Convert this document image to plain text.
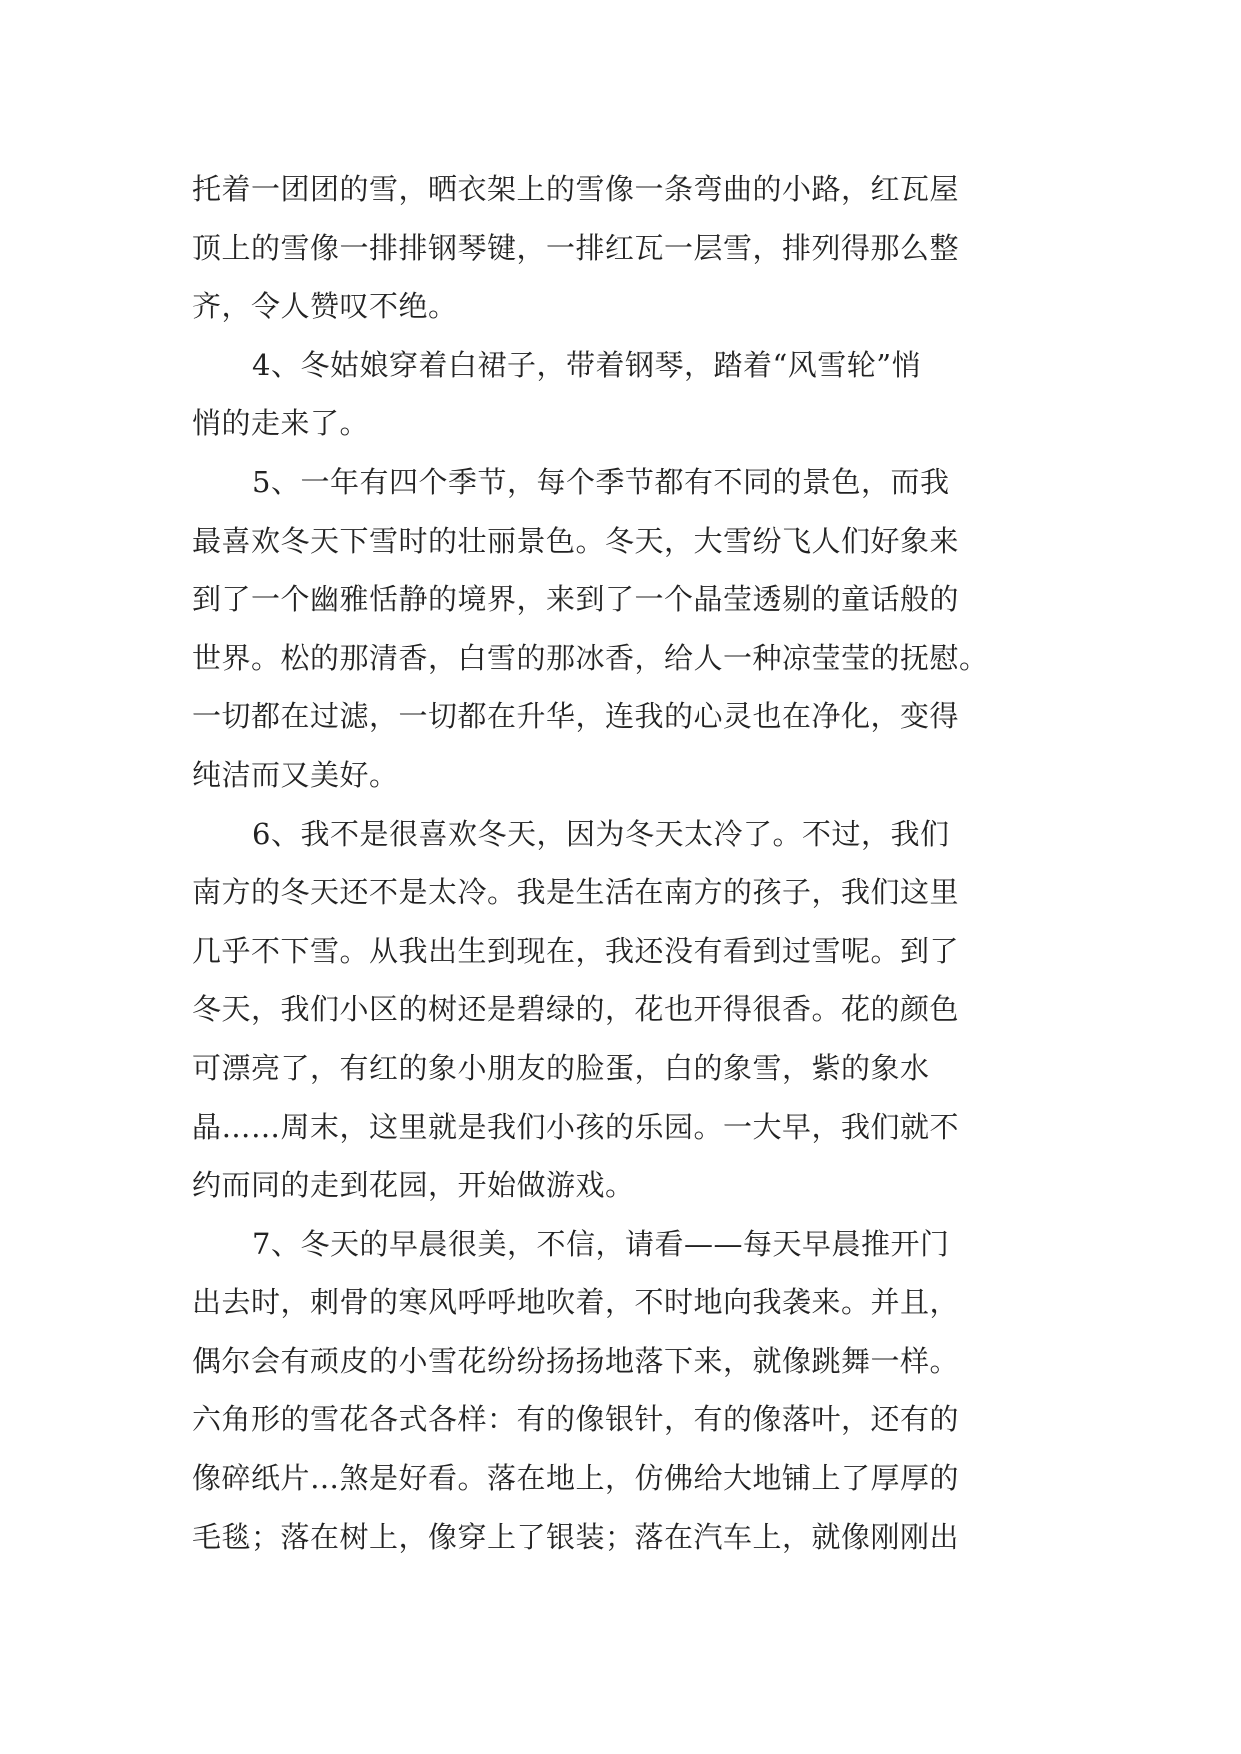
托着一团团的雪，晒衣架上的雪像一条弯曲的小路，红瓦屋
顶上的雪像一排排钢琴键，一排红瓦一层雪，排列得那么整
齐，令人赞叹不绝。
4、冬姑娘穿着白裙子，带着钢琴，踏着“风雪轮”悄
悄的走来了。
5、一年有四个季节，每个季节都有不同的景色，而我
最喜欢冬天下雪时的壮丽景色。冬天，大雪纷飞人们好象来
到了一个幽雅恬静的境界，来到了一个晶莹透剔的童话般的
世界。松的那清香，白雪的那冰香，给人一种凉莹莹的抚慰。
一切都在过滤，一切都在升华，连我的心灵也在净化，变得
纯洁而又美好。
6、我不是很喜欢冬天，因为冬天太冷了。不过，我们
南方的冬天还不是太冷。我是生活在南方的孩子，我们这里
几乎不下雪。从我出生到现在，我还没有看到过雪呢。到了
冬天，我们小区的树还是碧绿的，花也开得很香。花的颜色
可漂亮了，有红的象小朋友的脸蛋，白的象雪，紫的象水
晶……周末，这里就是我们小孩的乐园。一大早，我们就不
约而同的走到花园，开始做游戏。
7、冬天的早晨很美，不信，请看——每天早晨推开门
出去时，刺骨的寒风呼呼地吹着，不时地向我袭来。并且，
偶尔会有顽皮的小雪花纷纷扬扬地落下来，就像跳舞一样。
六角形的雪花各式各样：有的像银针，有的像落叶，还有的
像碎纸片…煞是好看。落在地上，仿佛给大地铺上了厚厚的
毛毯；落在树上，像穿上了银装；落在汽车上，就像刚刚出
